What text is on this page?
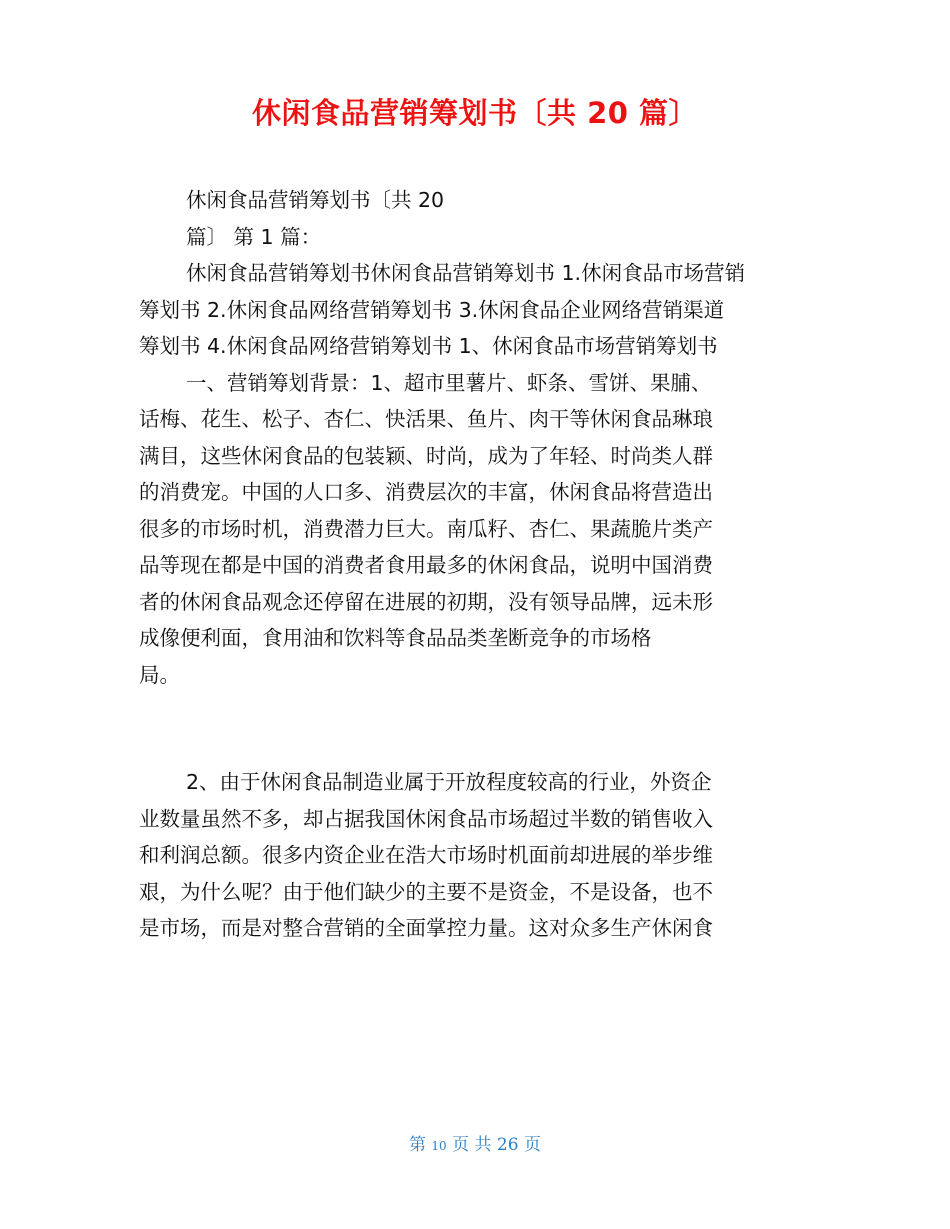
休闲食品营销筹划书〔共 20 篇〕
休闲食品营销筹划书〔共 20
篇〕 第 1 篇：
休闲食品营销筹划书休闲食品营销筹划书 1.休闲食品市场营销
筹划书 2.休闲食品网络营销筹划书 3.休闲食品企业网络营销渠道
筹划书 4.休闲食品网络营销筹划书 1、休闲食品市场营销筹划书
一、营销筹划背景：1、超市里薯片、虾条、雪饼、果脯、
话梅、花生、松子、杏仁、快活果、鱼片、肉干等休闲食品琳琅
满目，这些休闲食品的包装颖、时尚，成为了年轻、时尚类人群
的消费宠。中国的人口多、消费层次的丰富，休闲食品将营造出
很多的市场时机，消费潜力巨大。南瓜籽、杏仁、果蔬脆片类产
品等现在都是中国的消费者食用最多的休闲食品，说明中国消费
者的休闲食品观念还停留在进展的初期，没有领导品牌，远未形
成像便利面，食用油和饮料等食品品类垄断竞争的市场格
局。
2、由于休闲食品制造业属于开放程度较高的行业，外资企
业数量虽然不多，却占据我国休闲食品市场超过半数的销售收入
和利润总额。很多内资企业在浩大市场时机面前却进展的举步维
艰，为什么呢？由于他们缺少的主要不是资金，不是设备，也不
是市场，而是对整合营销的全面掌控力量。这对众多生产休闲食
第 10 页 共 26 页
